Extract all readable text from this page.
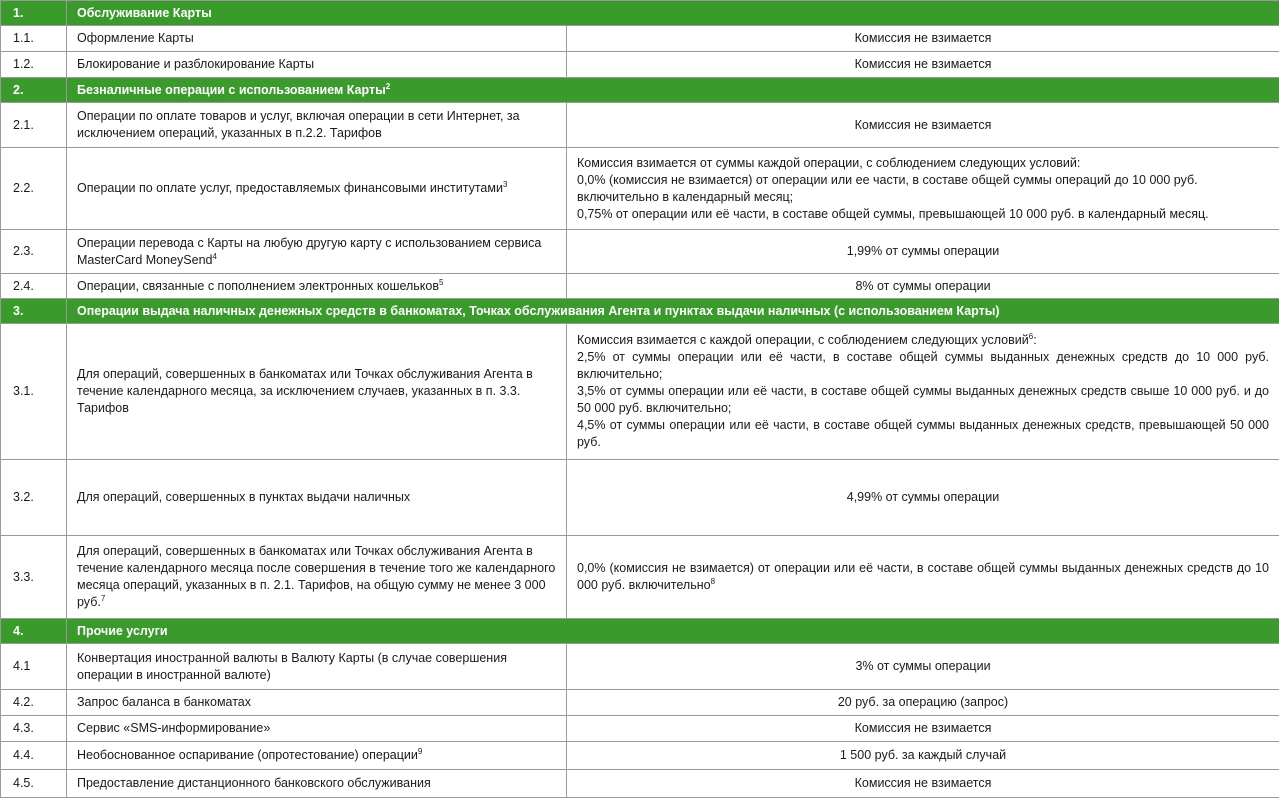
1.	Обслуживание Карты	
1.1.	Оформление Карты	Комиссия не взимается
1.2.	Блокирование и разблокирование Карты	Комиссия не взимается
2.	Безналичные операции с использованием Карты$^2$
2.1.	Операции по оплате товаров и услуг, включая операции в сети Интернет, за исключением операций, указанных в п.2.2. Тарифов	Комиссия не взимается
2.2.	Операции по оплате услуг, предоставляемых финансовыми институтами$^3$	Комиссия взимается от суммы каждой операции, с соблюдением следующих условий:

0,0% (комиссия не взимается) от операции или ее части, в составе общей суммы операций до 10 000 руб. включительно в календарный месяц;

0,75% от операции или её части, в составе общей суммы, превышающей 10 000 руб. в календарный месяц.

2.3.	Операции перевода с Карты на любую другую карту с использованием сервиса MasterCard MoneySend$^4$	1,99% от суммы операции
2.4.	Операции, связанные с пополнением электронных кошельков$^5$	8% от суммы операции
3.	Операции выдача наличных денежных средств в банкоматах, Точках обслуживания Агента и пунктах выдачи наличных (с использованием Карты)	
3.1.	Для операций, совершенных в банкоматах или Точках обслуживания Агента в течение календарного месяца, за исключением случаев, указанных в п. 3.3. Тарифов	Комиссия взимается с каждой операции, с соблюдением следующих условий$^6$:

2,5% от суммы операции или её части, в составе общей суммы выданных денежных средств до 10 000 руб. включительно;

3,5% от суммы операции или её части, в составе общей суммы выданных денежных средств свыше 10 000 руб. и до 50 000 руб. включительно;

4,5% от суммы операции или её части, в составе общей суммы выданных денежных средств, превышающей 50 000 руб.

3.2.	Для операций, совершенных в пунктах выдачи наличных	4,99% от суммы операции
3.3.	Для операций, совершенных в банкоматах или Точках обслуживания Агента в течение календарного месяца после совершения в течение того же календарного месяца операций, указанных в п. 2.1. Тарифов, на общую сумму не менее 3 000 руб.$^7$	0,0% (комиссия не взимается) от операции или её части, в составе общей суммы выданных денежных средств до 10 000 руб. включительно$^8$
4.	Прочие услуги	
4.1	Конвертация иностранной валюты в Валюту Карты (в случае совершения операции в иностранной валюте)	3% от суммы операции
4.2.	Запрос баланса в банкоматах	20 руб. за операцию (запрос)
4.3.	Сервис «SMS-информирование»	Комиссия не взимается
4.4.	Необоснованное оспаривание (опротестование) операции$^9$	1 500 руб. за каждый случай
4.5.	Предоставление дистанционного банковского обслуживания	Комиссия не взимается
